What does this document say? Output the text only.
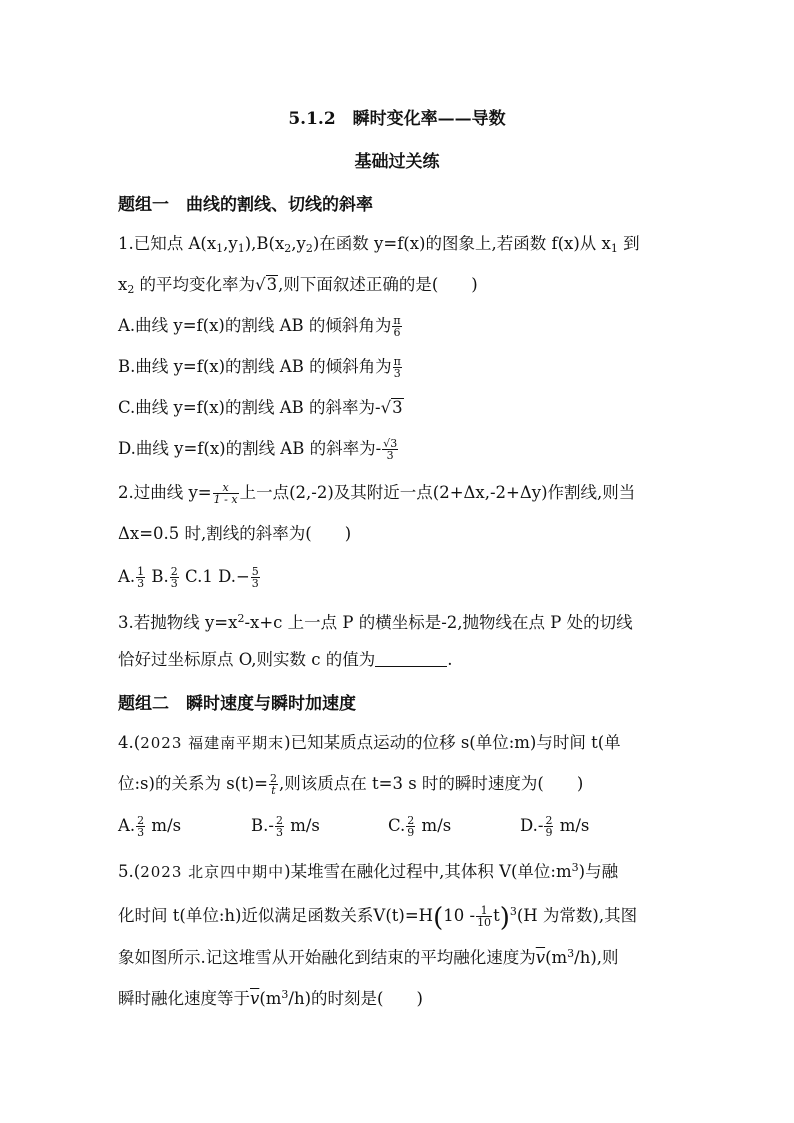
5.1.2　瞬时变化率——导数
基础过关练
题组一　曲线的割线、切线的斜率
1.已知点 $A(x_1,y_1),B(x_2,y_2)$在函数 y=f(x)的图象上,若函数 f(x)从 $x_1$ 到
$x_2$ 的平均变化率为√3,则下面叙述正确的是(　　)
A.曲线 y=f(x)的割线 AB 的倾斜角为 $\frac{\pi}{6}$
B.曲线 y=f(x)的割线 AB 的倾斜角为 $\frac{\pi}{3}$
C.曲线 y=f(x)的割线 AB 的斜率为-√3
D.曲线 y=f(x)的割线 AB 的斜率为- $\frac{√3}{3}$
2.过曲线 $y= \frac{x}{1 - x}$ 上一点(2,-2)及其附近一点(2+Δx,-2+Δy)作割线,则当
Δx=0.5 时,割线的斜率为(　　)
A. $\frac{1}{3} B$. $\frac{2}{3} C.1$ $D.- \frac{5}{3}$
3.若抛物线 $y=x^2-x+c$ 上一点 P 的横坐标是-2,抛物线在点 P 处的切线
恰好过坐标原点 O,则实数 c 的值为	.
题组二　瞬时速度与瞬时加速度
4.(2023 福建南平期末)已知某质点运动的位移 s(单位:m)与时间 t(单
位:s)的关系为 $s(t)= \frac{2}{t}$ ,则该质点在 t=3 s 时的瞬时速度为(　　)
A. $\frac{2}{3} m/s$	$B.- \frac{2}{3} m/s$	C. $\frac{2}{9} m/s$	$D.- \frac{2}{9} m/s$
5.(2023 北京四中期中)某堆雪在融化过程中,其体积 V(单位$:m^3$)与融
化时间 t(单位:h)近似满足函数关系$V(t)=H(10 - \frac{1}{10} t)^3(H$ 为常数),其图
象如图所示.记这堆雪从开始融化到结束的平均融化速度为$\overline{v}(m^3/h)$,则
瞬时融化速度等于$\overline{v}(m^3/h)$的时刻是(　　)
